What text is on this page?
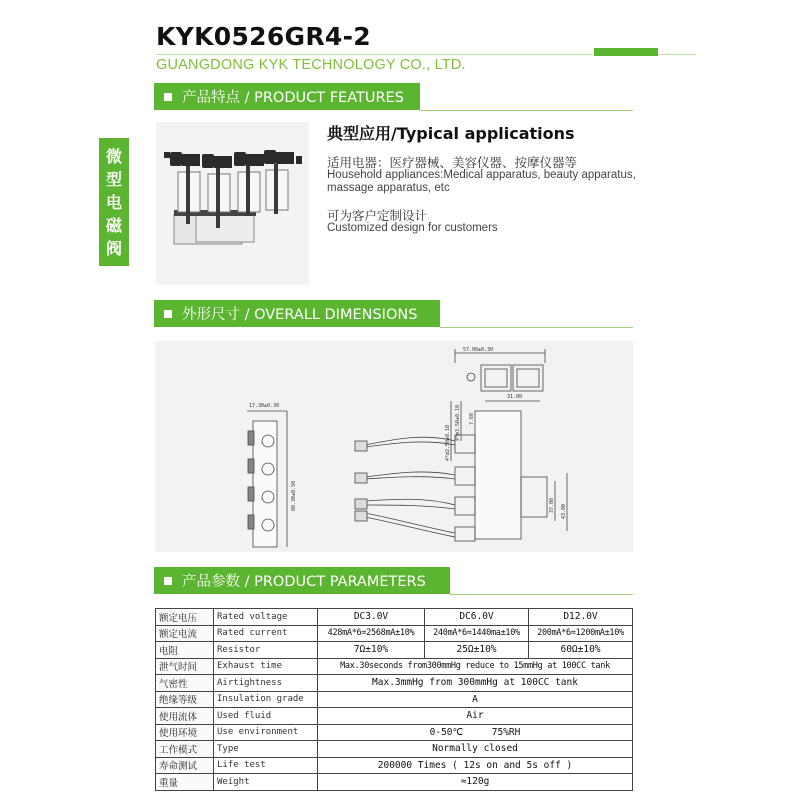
KYK0526GR4-2
GUANGDONG KYK TECHNOLOGY CO., LTD.
微
型
电
磁
阀
产品特点 / PRODUCT FEATURES
典型应用/Typical applications
适用电器：医疗器械、美容仪器、按摩仪器等
Household appliances:Medical apparatus, beauty apparatus, massage apparatus, etc
可为客户定制设计
Customized design for customers
外形尺寸 / OVERALL DIMENSIONS
57.00±0.30
17.30±0.30
80.30±0.50
31.00
7.60
37.00 43.00
4*ø2.50±0.10
4*ø3.50±0.10
产品参数 / PRODUCT PARAMETERS
额定电压	Rated voltage	DC3.0V	DC6.0V	D12.0V
额定电流	Rated current	428mA*6=2568mA±10%	240mA*6=1440ma±10%	200mA*6=1200mA±10%
电阻	Resistor	7Ω±10%	25Ω±10%	60Ω±10%
泄气时间	Exhaust time	Max.30seconds from300mmHg reduce to 15mmHg at 100CC tank		
气密性	Airtightness	Max.3mmHg from 300mmHg at 100CC tank		
绝缘等级	Insulation grade	A		
使用流体	Used fluid	Air		
使用环境	Use environment	0-50℃     75%RH		
工作模式	Type	Normally closed		
寿命测试	Life test	200000 Times ( 12s on and 5s off )		
重量	Weight	≈120g		
